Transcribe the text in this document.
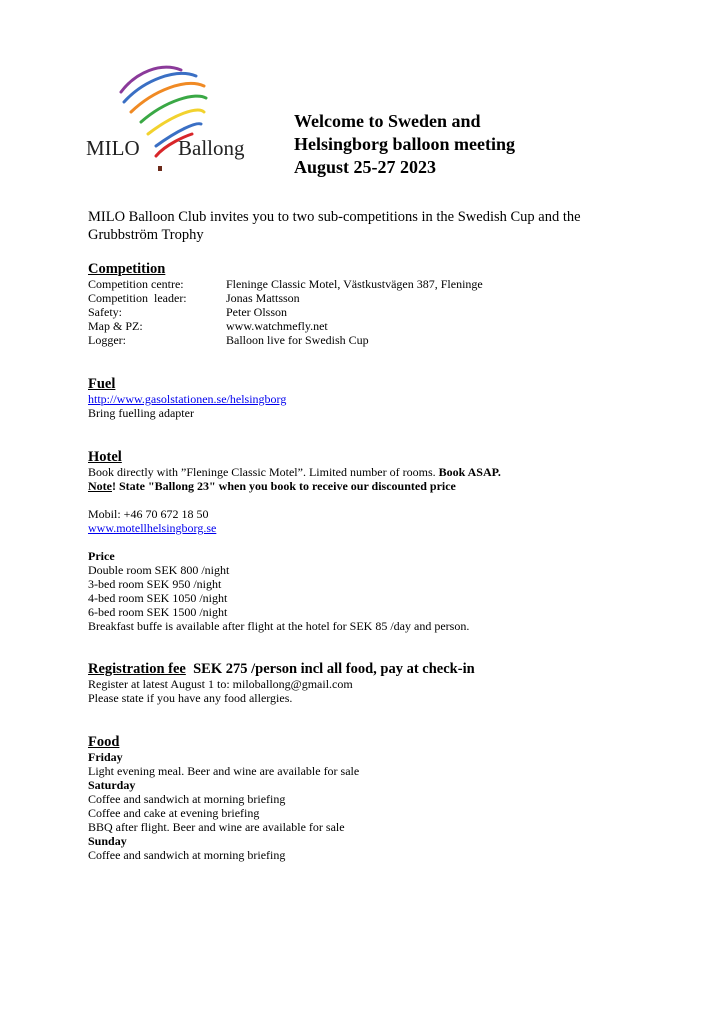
MILO Ballong
Welcome to Sweden and
Helsingborg balloon meeting
August 25-27 2023
MILO Balloon Club invites you to two sub-competitions in the Swedish Cup and the Grubbström Trophy
Competition
Competition centre:	Fleninge Classic Motel, Västkustvägen 387, Fleninge
Competition  leader:	Jonas Mattsson
Safety:	Peter Olsson
Map & PZ:	www.watchmefly.net
Logger:	Balloon live for Swedish Cup
Fuel
http://www.gasolstationen.se/helsingborg
Bring fuelling adapter
Hotel
Book directly with ”Fleninge Classic Motel”. Limited number of rooms. Book ASAP.
Note! State "Ballong 23" when you book to receive our discounted price
Mobil: +46 70 672 18 50
www.motellhelsingborg.se
Price
Double room SEK 800 /night
3-bed room SEK 950 /night
4-bed room SEK 1050 /night
6-bed room SEK 1500 /night
Breakfast buffe is available after flight at the hotel for SEK 85 /day and person.
Registration fee SEK 275 /person incl all food, pay at check-in
Register at latest August 1 to: miloballong@gmail.com
Please state if you have any food allergies.
Food
Friday
Light evening meal. Beer and wine are available for sale
Saturday
Coffee and sandwich at morning briefing
Coffee and cake at evening briefing
BBQ after flight. Beer and wine are available for sale
Sunday
Coffee and sandwich at morning briefing
